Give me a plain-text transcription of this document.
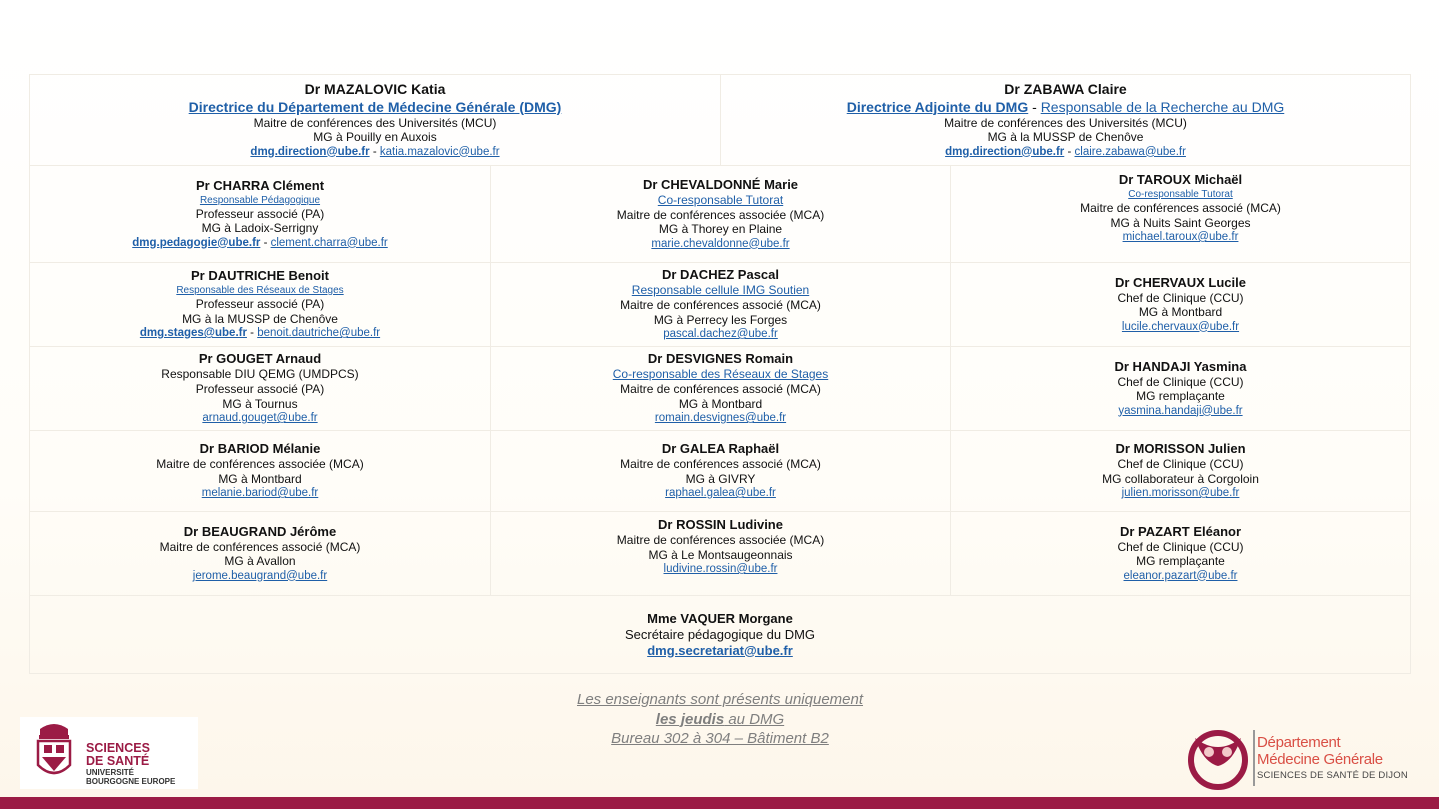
Dr MAZALOVIC Katia
Directrice du Département de Médecine Générale (DMG)
Maitre de conférences des Universités (MCU)
MG à Pouilly en Auxois
dmg.direction@ube.fr - katia.mazalovic@ube.fr
Dr ZABAWA Claire
Directrice Adjointe du DMG - Responsable de la Recherche au DMG
Maitre de conférences des Universités (MCU)
MG à la MUSSP de Chenôve
dmg.direction@ube.fr - claire.zabawa@ube.fr
Pr CHARRA Clément
Responsable Pédagogique
Professeur associé (PA)
MG à Ladoix-Serrigny
dmg.pedagogie@ube.fr - clement.charra@ube.fr
Dr CHEVALDONNÉ Marie
Co-responsable Tutorat
Maitre de conférences associée (MCA)
MG à Thorey en Plaine
marie.chevaldonne@ube.fr
Dr TAROUX Michaël
Co-responsable Tutorat
Maitre de conférences associé (MCA)
MG à Nuits Saint Georges
michael.taroux@ube.fr
Pr DAUTRICHE Benoit
Responsable des Réseaux de Stages
Professeur associé (PA)
MG à la MUSSP de Chenôve
dmg.stages@ube.fr - benoit.dautriche@ube.fr
Dr DACHEZ Pascal
Responsable cellule IMG Soutien
Maitre de conférences associé (MCA)
MG à Perrecy les Forges
pascal.dachez@ube.fr
Dr CHERVAUX Lucile
Chef de Clinique (CCU)
MG à Montbard
lucile.chervaux@ube.fr
Pr GOUGET Arnaud
Responsable DIU QEMG (UMDPCS)
Professeur associé (PA)
MG à Tournus
arnaud.gouget@ube.fr
Dr DESVIGNES Romain
Co-responsable des Réseaux de Stages
Maitre de conférences associé (MCA)
MG à Montbard
romain.desvignes@ube.fr
Dr HANDAJI Yasmina
Chef de Clinique (CCU)
MG remplaçante
yasmina.handaji@ube.fr
Dr BARIOD Mélanie
Maitre de conférences associée (MCA)
MG à Montbard
melanie.bariod@ube.fr
Dr GALEA Raphaël
Maitre de conférences associé (MCA)
MG à GIVRY
raphael.galea@ube.fr
Dr MORISSON Julien
Chef de Clinique (CCU)
MG collaborateur à Corgoloin
julien.morisson@ube.fr
Dr BEAUGRAND Jérôme
Maitre de conférences associé (MCA)
MG à Avallon
jerome.beaugrand@ube.fr
Dr ROSSIN Ludivine
Maitre de conférences associée (MCA)
MG à Le Montsaugeonnais
ludivine.rossin@ube.fr
Dr PAZART Eléanor
Chef de Clinique (CCU)
MG remplaçante
eleanor.pazart@ube.fr
Mme VAQUER Morgane
Secrétaire pédagogique du DMG
dmg.secretariat@ube.fr
Les enseignants sont présents uniquement
les jeudis au DMG
Bureau 302 à 304 – Bâtiment B2
SCIENCES
DE SANTÉ
UNIVERSITÉ
BOURGOGNE EUROPE
Département
Médecine Générale
SCIENCES DE SANTÉ DE DIJON
